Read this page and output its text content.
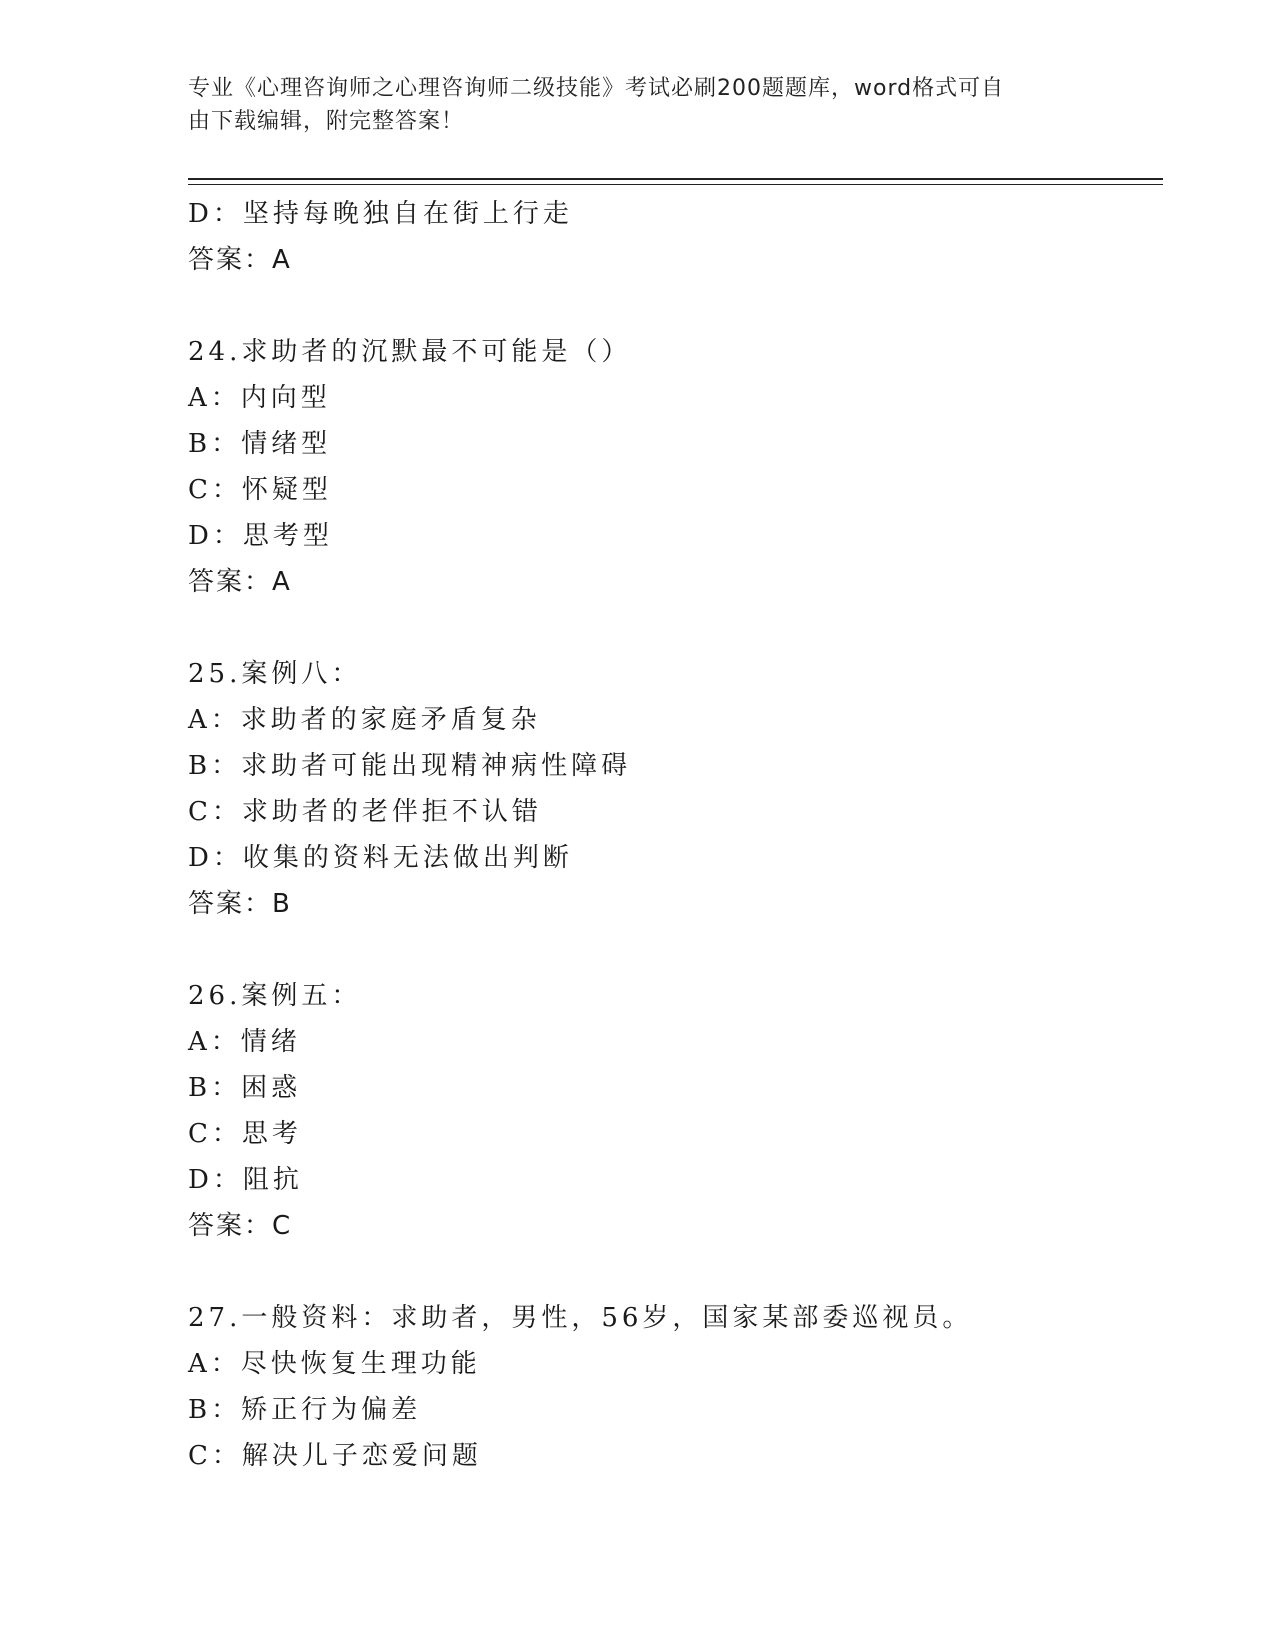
专业《心理咨询师之心理咨询师二级技能》考试必刷200题题库，word格式可自
由下载编辑，附完整答案！
D：坚持每晚独自在街上行走
答案：A
24.求助者的沉默最不可能是（）
A：内向型
B：情绪型
C：怀疑型
D：思考型
答案：A
25.案例八：
A：求助者的家庭矛盾复杂
B：求助者可能出现精神病性障碍
C：求助者的老伴拒不认错
D：收集的资料无法做出判断
答案：B
26.案例五：
A：情绪
B：困惑
C：思考
D：阻抗
答案：C
27.一般资料：求助者，男性，56岁，国家某部委巡视员。
A：尽快恢复生理功能
B：矫正行为偏差
C：解决儿子恋爱问题
